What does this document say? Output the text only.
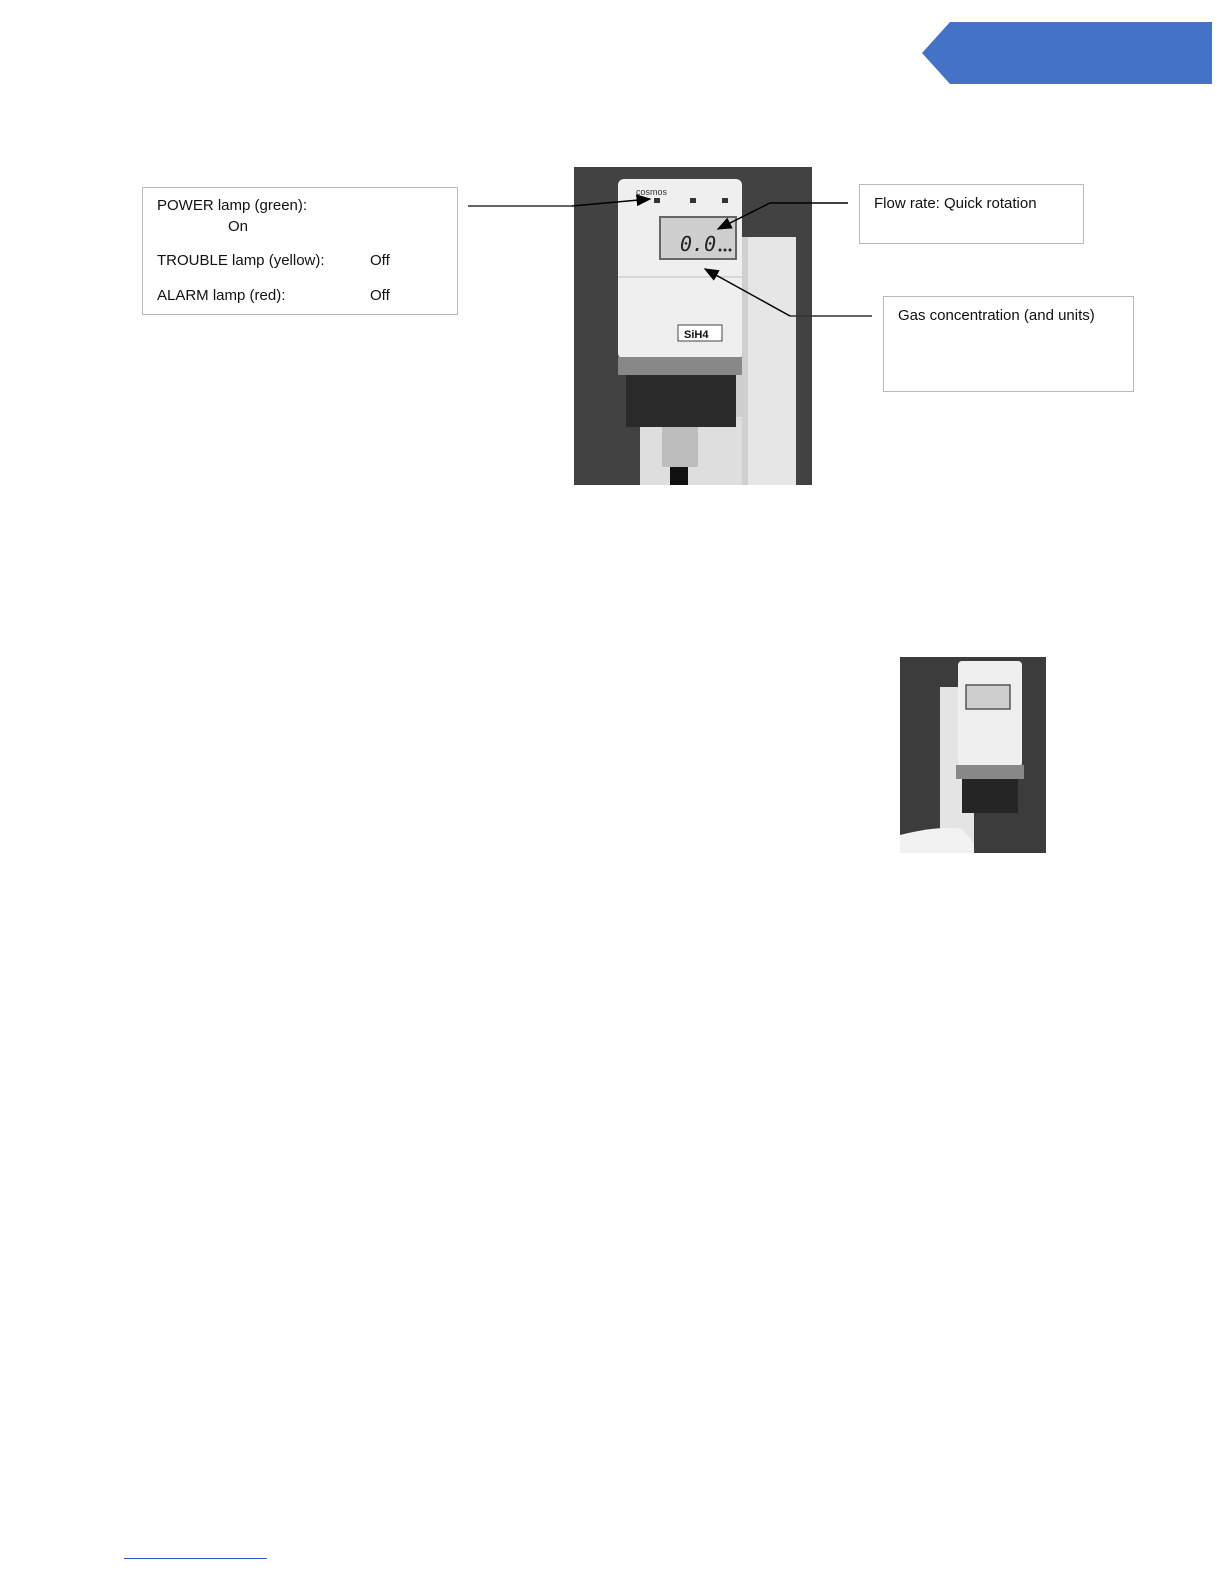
cosmos
0.0
SiH4
POWER lamp (green):
On
TROUBLE lamp (yellow):	Off
ALARM lamp (red):	Off
Flow rate: Quick rotation
Gas concentration (and units)
